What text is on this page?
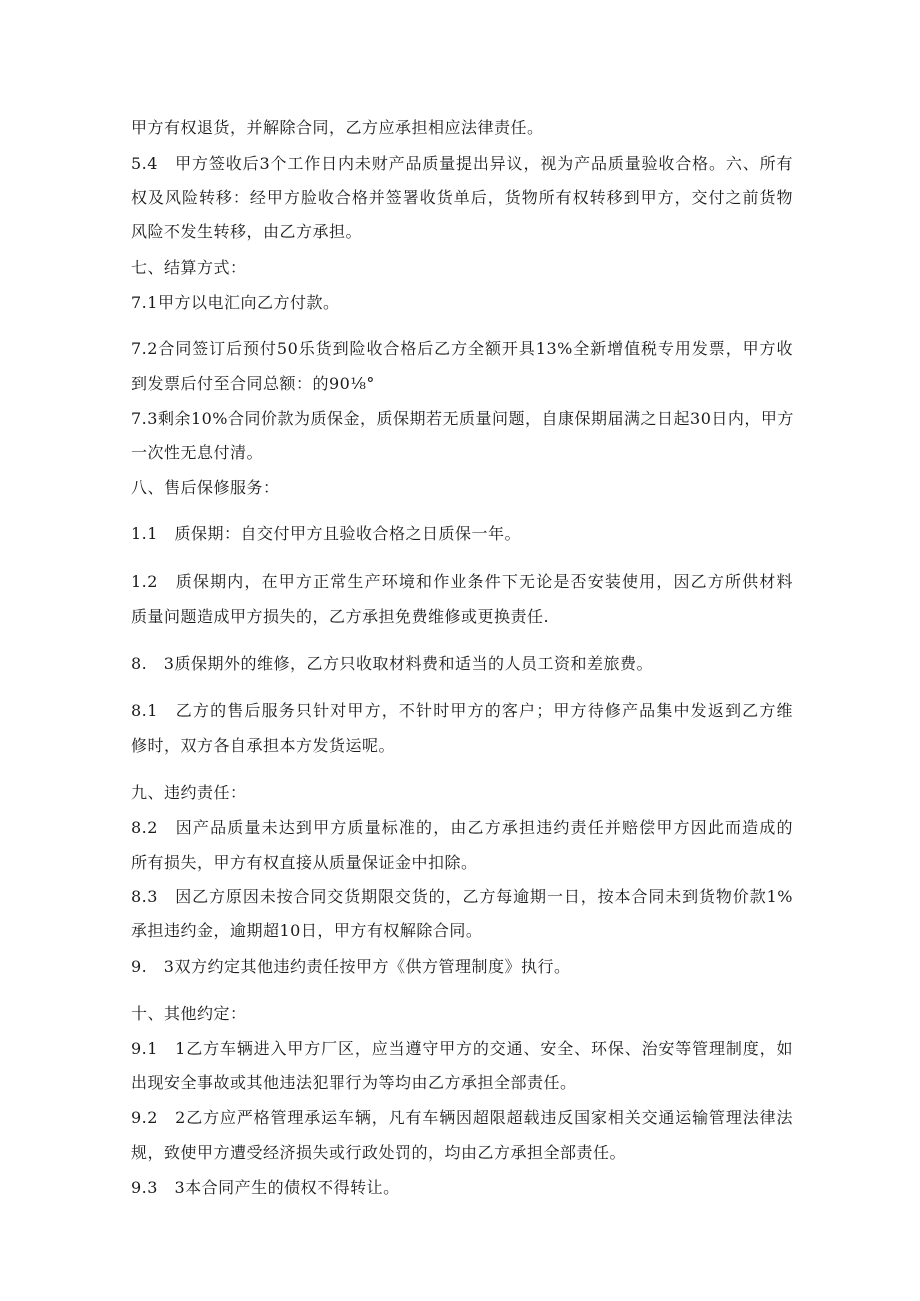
甲方有权退货，并解除合同，乙方应承担相应法律责任。
5.4　甲方签收后3个工作日内未财产品质量提出异议，视为产品质量验收合格。六、所有
权及风险转移：经甲方脸收合格并签署收货单后，货物所有权转移到甲方，交付之前货物
风险不发生转移，由乙方承担。
七、结算方式：
7.1甲方以电汇向乙方付款。
7.2合同签订后预付50乐货到险收合格后乙方全额开具13%全新增值税专用发票，甲方收
到发票后付至合同总额：的90⅛°
7.3剩余10%合同价款为质保金，质保期若无质量问题，自康保期届满之日起30日内，甲方
一次性无息付清。
八、售后保修服务：
1.1　质保期：自交付甲方且验收合格之日质保一年。
1.2　质保期内，在甲方正常生产环境和作业条件下无论是否安装使用，因乙方所供材料
质量问题造成甲方损失的，乙方承担免费维修或更换责任.
8.　3质保期外的维修，乙方只收取材料费和适当的人员工资和差旅费。
8.1　乙方的售后服务只针对甲方，不针时甲方的客户；甲方待修产品集中发返到乙方维
修时，双方各自承担本方发货运呢。
九、违约责任：
8.2　因产品质量未达到甲方质量标准的，由乙方承担违约责任并赔偿甲方因此而造成的
所有损失，甲方有权直接从质量保证金中扣除。
8.3　因乙方原因未按合同交货期限交货的，乙方每逾期一日，按本合同未到货物价款1%
承担违约金，逾期超10日，甲方有权解除合同。
9.　3双方约定其他违约责任按甲方《供方管理制度》执行。
十、其他约定：
9.1　1乙方车辆进入甲方厂区，应当遵守甲方的交通、安全、环保、治安等管理制度，如
出现安全事故或其他违法犯罪行为等均由乙方承担全部责任。
9.2　2乙方应严格管理承运车辆，凡有车辆因超限超载违反国家相关交通运输管理法律法
规，致使甲方遭受经济损失或行政处罚的，均由乙方承担全部责任。
9.3　3本合同产生的债权不得转让。
